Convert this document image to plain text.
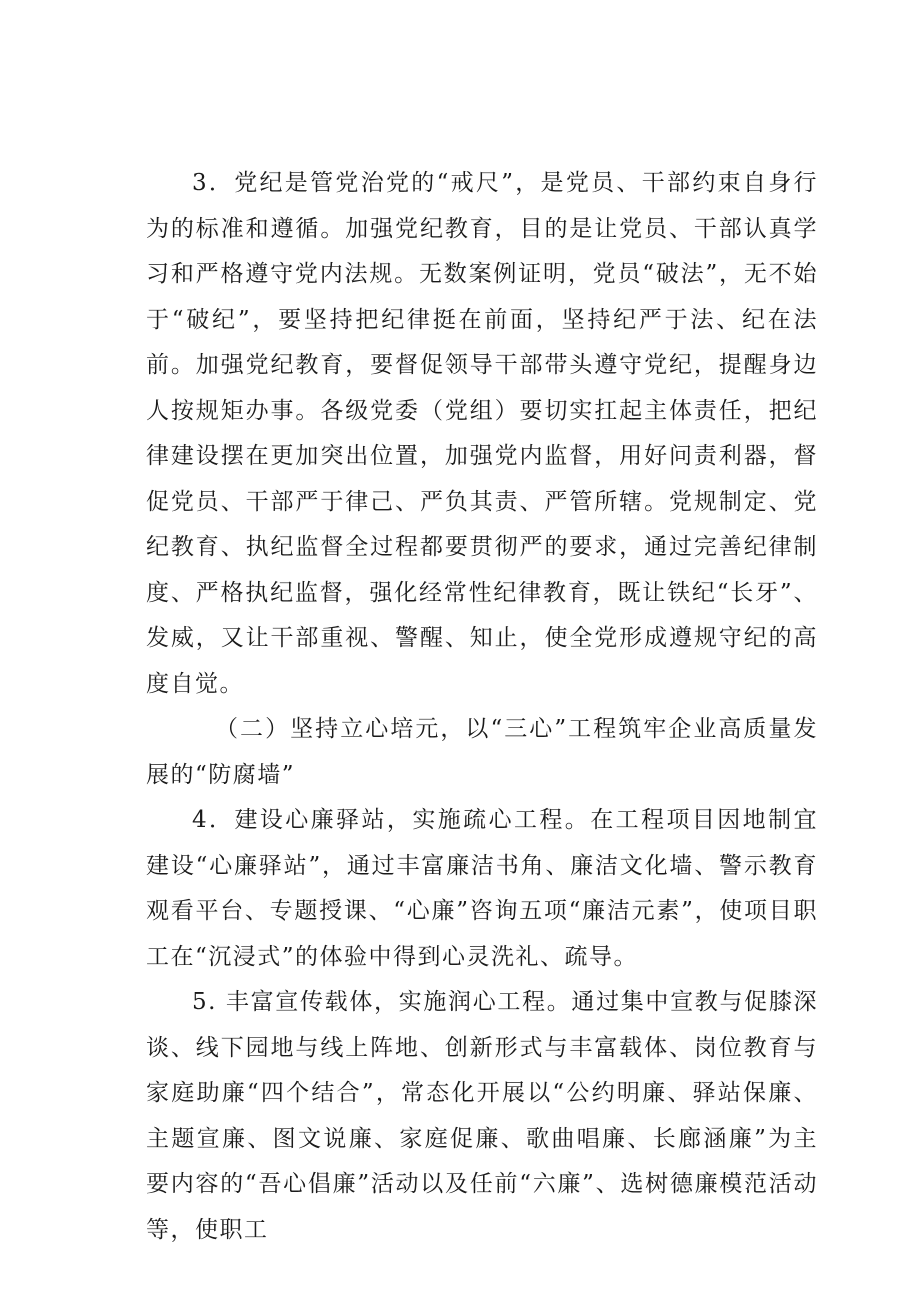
3．党纪是管党治党的“戒尺”，是党员、干部约束自身行为的标准和遵循。加强党纪教育，目的是让党员、干部认真学习和严格遵守党内法规。无数案例证明，党员“破法”，无不始于“破纪”，要坚持把纪律挺在前面，坚持纪严于法、纪在法前。加强党纪教育，要督促领导干部带头遵守党纪，提醒身边人按规矩办事。各级党委（党组）要切实扛起主体责任，把纪律建设摆在更加突出位置，加强党内监督，用好问责利器，督促党员、干部严于律己、严负其责、严管所辖。党规制定、党纪教育、执纪监督全过程都要贯彻严的要求，通过完善纪律制度、严格执纪监督，强化经常性纪律教育，既让铁纪“长牙”、发威，又让干部重视、警醒、知止，使全党形成遵规守纪的高度自觉。

（二）坚持立心培元，以“三心”工程筑牢企业高质量发展的“防腐墙”

4．建设心廉驿站，实施疏心工程。在工程项目因地制宜建设“心廉驿站”，通过丰富廉洁书角、廉洁文化墙、警示教育观看平台、专题授课、“心廉”咨询五项“廉洁元素”，使项目职工在“沉浸式”的体验中得到心灵洗礼、疏导。

5. 丰富宣传载体，实施润心工程。通过集中宣教与促膝深谈、线下园地与线上阵地、创新形式与丰富载体、岗位教育与家庭助廉“四个结合”，常态化开展以“公约明廉、驿站保廉、主题宣廉、图文说廉、家庭促廉、歌曲唱廉、长廊涵廉”为主要内容的“吾心倡廉”活动以及任前“六廉”、选树德廉模范活动等，使职工
